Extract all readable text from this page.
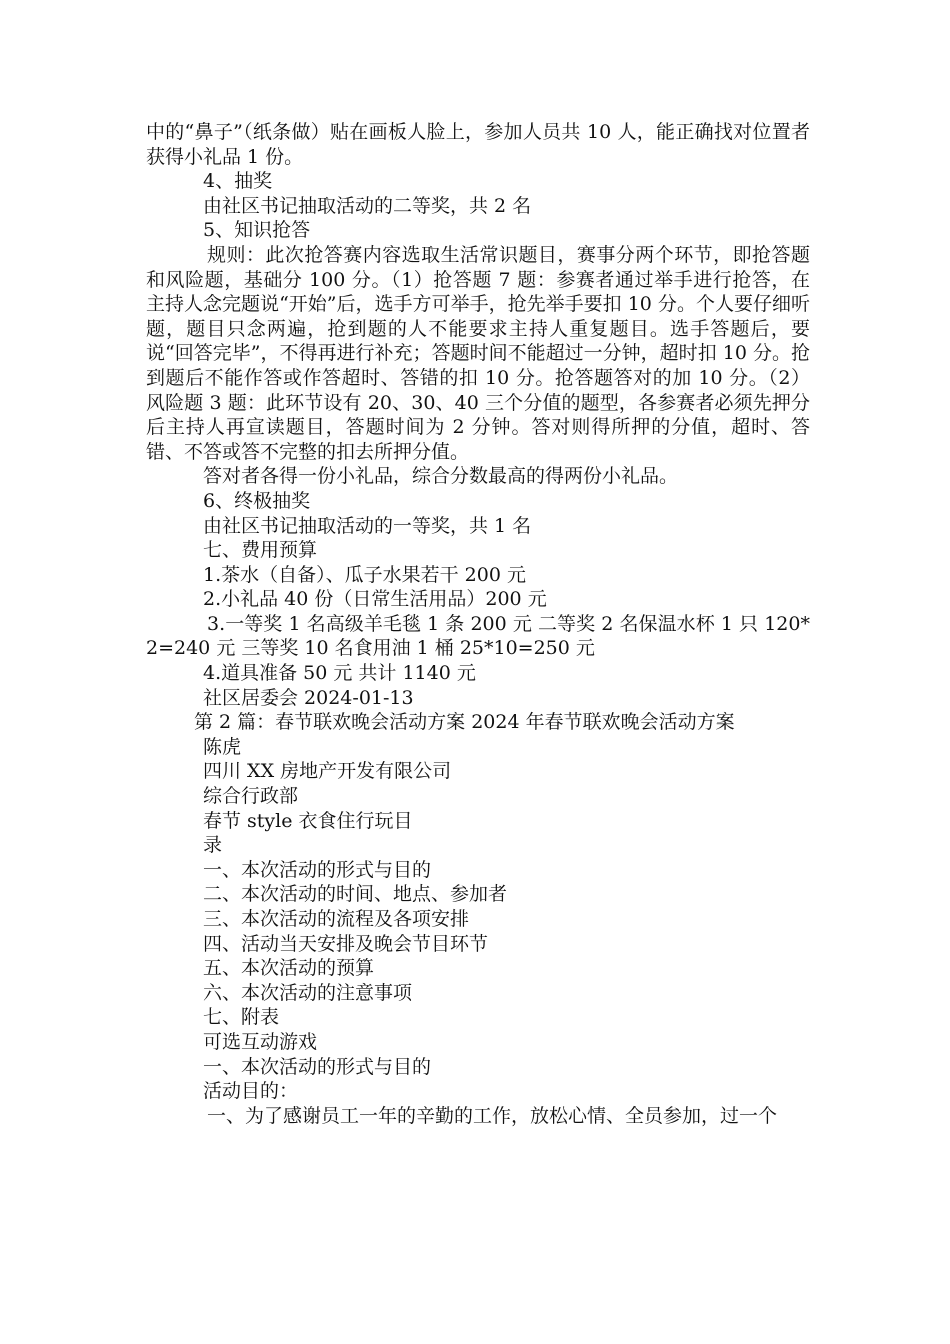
中的“鼻子”（纸条做）贴在画板人脸上，参加人员共 10 人，能正确找对位置者获得小礼品 1 份。

4、抽奖

由社区书记抽取活动的二等奖，共 2 名

5、知识抢答

规则：此次抢答赛内容选取生活常识题目，赛事分两个环节，即抢答题和风险题，基础分 100 分。（1）抢答题 7 题：参赛者通过举手进行抢答，在主持人念完题说“开始”后，选手方可举手，抢先举手要扣 10 分。个人要仔细听题，题目只念两遍，抢到题的人不能要求主持人重复题目。选手答题后，要说“回答完毕”，不得再进行补充；答题时间不能超过一分钟，超时扣 10 分。抢到题后不能作答或作答超时、答错的扣 10 分。抢答题答对的加 10 分。（2）风险题 3 题：此环节设有 20、30、40 三个分值的题型，各参赛者必须先押分后主持人再宣读题目，答题时间为 2 分钟。答对则得所押的分值，超时、答错、不答或答不完整的扣去所押分值。

答对者各得一份小礼品，综合分数最高的得两份小礼品。

6、终极抽奖

由社区书记抽取活动的一等奖，共 1 名

七、费用预算

1.茶水（自备）、瓜子水果若干 200 元

2.小礼品 40 份（日常生活用品）200 元

3.一等奖 1 名高级羊毛毯 1 条 200 元 二等奖 2 名保温水杯 1 只 120*2=240 元 三等奖 10 名食用油 1 桶 25*10=250 元

4.道具准备 50 元 共计 1140 元

社区居委会 2024-01-13

第 2 篇：春节联欢晚会活动方案 2024 年春节联欢晚会活动方案

陈虎

四川 XX 房地产开发有限公司

综合行政部

春节 style 衣食住行玩目

录

一、本次活动的形式与目的

二、本次活动的时间、地点、参加者

三、本次活动的流程及各项安排

四、活动当天安排及晚会节目环节

五、本次活动的预算

六、本次活动的注意事项

七、附表

可选互动游戏

一、本次活动的形式与目的

活动目的：

一、为了感谢员工一年的辛勤的工作，放松心情、全员参加，过一个
